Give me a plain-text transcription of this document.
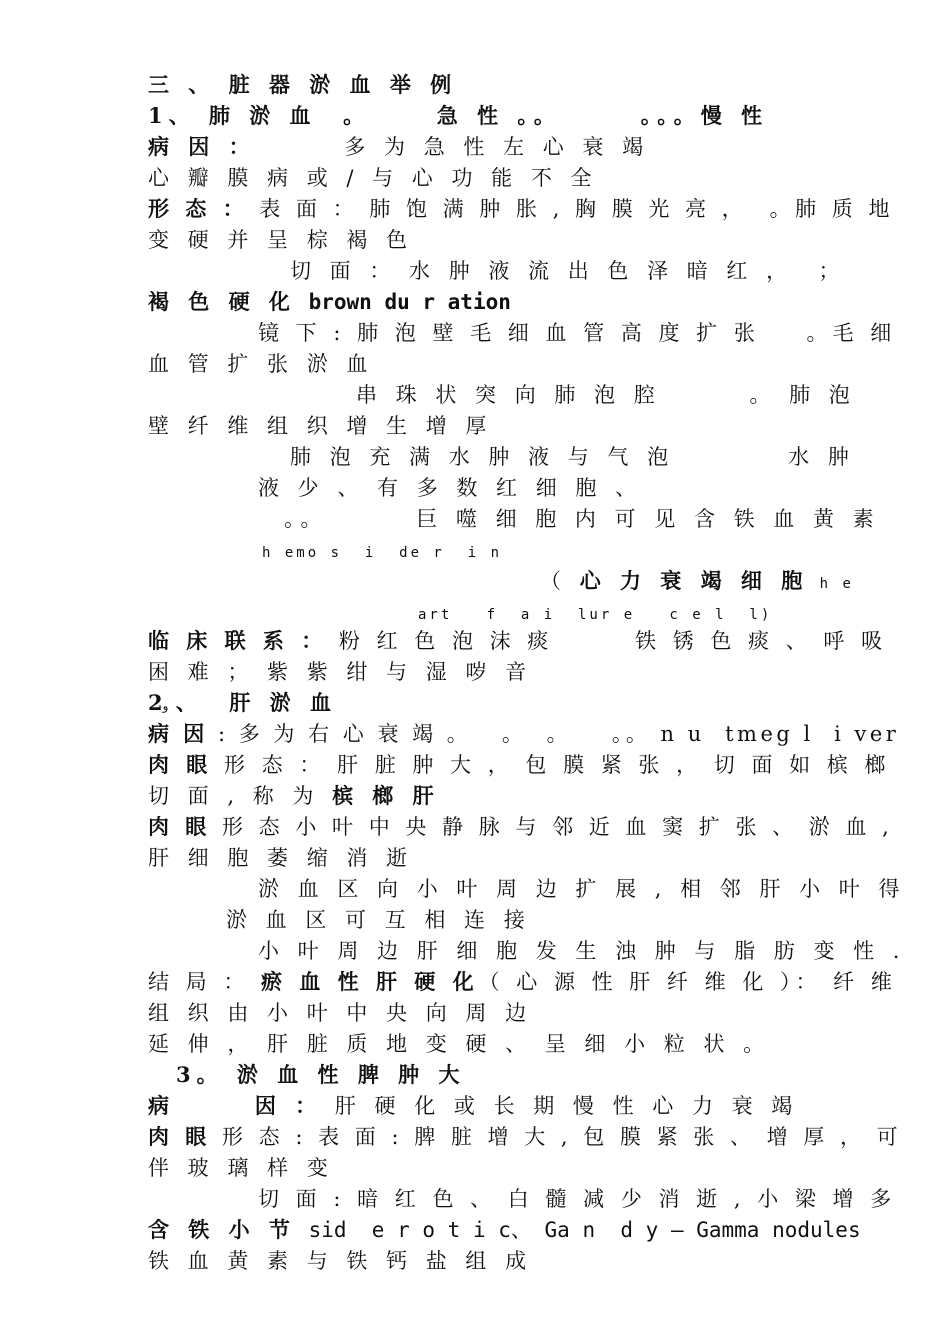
三 、 脏 器 淤 血 举 例
1、 肺 淤 血  。     急 性 。。      。。。慢 性
病 因 ：       多 为 急 性 左 心 衰 竭
心 瓣 膜 病 或 / 与 心 功 能 不 全
形 态 ： 表 面 ： 肺 饱 满 肿 胀 , 胸 膜 光 亮 ，  。肺 质 地
变 硬 并 呈 棕 褐 色
切 面 ： 水 肿 液 流 出 色 泽 暗 红 ，  ；
褐 色 硬 化 brown du r ation
镜 下 : 肺 泡 壁 毛 细 血 管 高 度 扩 张    。毛 细
血 管 扩 张 淤 血
串 珠 状 突 向 肺 泡 腔       。 肺 泡
壁 纤 维 组 织 增 生 增 厚
肺 泡 充 满 水 肿 液 与 气 泡         水 肿
液 少 、 有 多 数 红 细 胞 、
。。       巨 噬 细 胞 内 可 见 含 铁 血 黄 素
h emo s  i  de r  i n
（ 心 力 衰 竭 细 胞 h e
art   f  a i  lur e   c e l  l)
临 床 联 系 ： 粉 红 色 泡 沫 痰       铁 锈 色 痰 、 呼 吸
困 难 ； 紫 紫 绀 与 湿 哕 音
2و 、  肝 淤 血
病 因 : 多 为 右 心 衰 竭 。   。  。    。。 n u  tmeg l  i ver
肉 眼 形 态 ： 肝 脏 肿 大 ， 包 膜 紧 张 ， 切 面 如 槟 榔
切 面 , 称 为 槟 榔 肝
肉 眼 形 态 小 叶 中 央 静 脉 与 邻 近 血 窦 扩 张 、 淤 血 ,
肝 细 胞 萎 缩 消 逝
淤 血 区 向 小 叶 周 边 扩 展 , 相 邻 肝 小 叶 得
淤 血 区 可 互 相 连 接
小 叶 周 边 肝 细 胞 发 生 浊 肿 与 脂 肪 变 性 .
结 局 ： 瘀 血 性 肝 硬 化（ 心 源 性 肝 纤 维 化 ）： 纤 维
组 织 由 小 叶 中 央 向 周 边
延 伸 ， 肝 脏 质 地 变 硬 、 呈 细 小 粒 状 。
3。 淤 血 性 脾 肿 大
病      因 ： 肝 硬 化 或 长 期 慢 性 心 力 衰 竭
肉 眼 形 态 : 表 面 : 脾 脏 增 大 , 包 膜 紧 张 、 增 厚 ， 可
伴 玻 璃 样 变
切 面 : 暗 红 色 、 白 髓 减 少 消 逝 , 小 梁 增 多
含 铁 小 节 sid  e r o t i c、 Ga n  d y — Gamma nodules
铁 血 黄 素 与 铁 钙 盐 组 成
